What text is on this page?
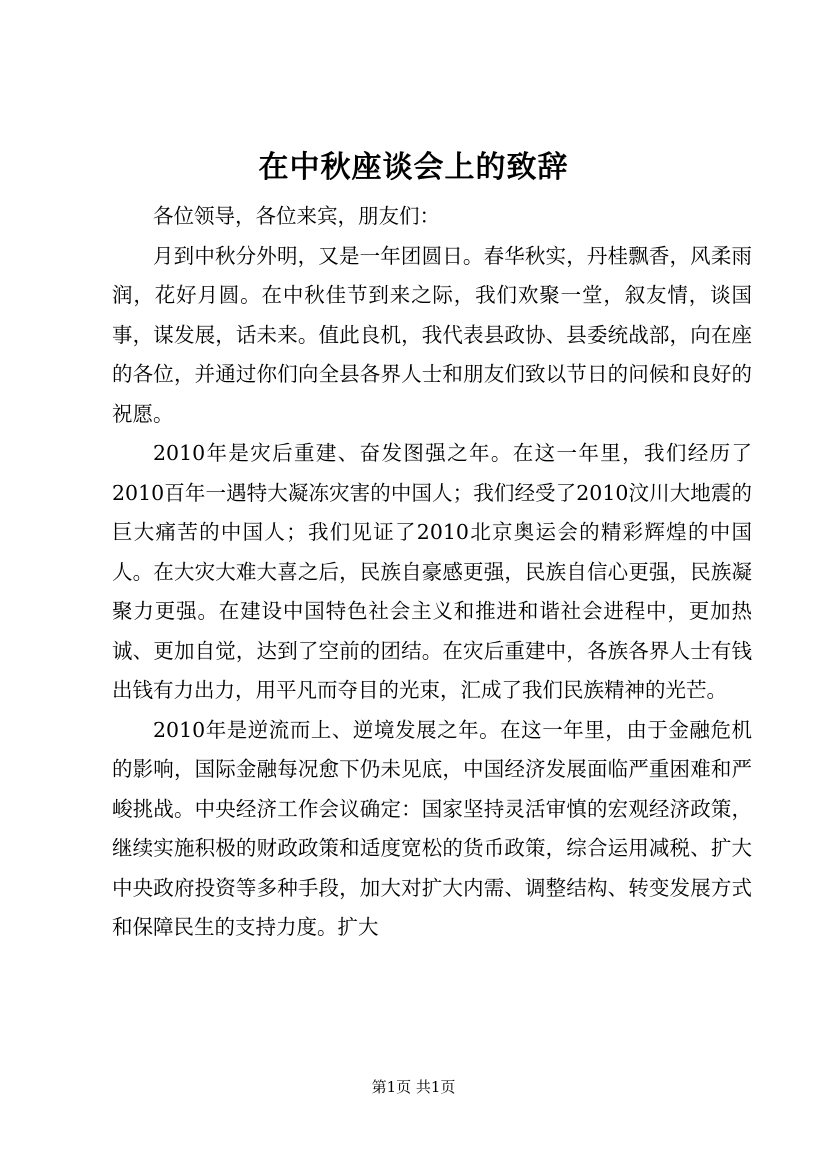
在中秋座谈会上的致辞

各位领导，各位来宾，朋友们：

月到中秋分外明，又是一年团圆日。春华秋实，丹桂飘香，风柔雨润，花好月圆。在中秋佳节到来之际，我们欢聚一堂，叙友情，谈国事，谋发展，话未来。值此良机，我代表县政协、县委统战部，向在座的各位，并通过你们向全县各界人士和朋友们致以节日的问候和良好的祝愿。

2010年是灾后重建、奋发图强之年。在这一年里，我们经历了2010百年一遇特大凝冻灾害的中国人；我们经受了2010汶川大地震的巨大痛苦的中国人；我们见证了2010北京奥运会的精彩辉煌的中国人。在大灾大难大喜之后，民族自豪感更强，民族自信心更强，民族凝聚力更强。在建设中国特色社会主义和推进和谐社会进程中，更加热诚、更加自觉，达到了空前的团结。在灾后重建中，各族各界人士有钱出钱有力出力，用平凡而夺目的光束，汇成了我们民族精神的光芒。

2010年是逆流而上、逆境发展之年。在这一年里，由于金融危机的影响，国际金融每况愈下仍未见底，中国经济发展面临严重困难和严峻挑战。中央经济工作会议确定：国家坚持灵活审慎的宏观经济政策，继续实施积极的财政政策和适度宽松的货币政策，综合运用减税、扩大中央政府投资等多种手段，加大对扩大内需、调整结构、转变发展方式和保障民生的支持力度。扩大

第1页 共1页
